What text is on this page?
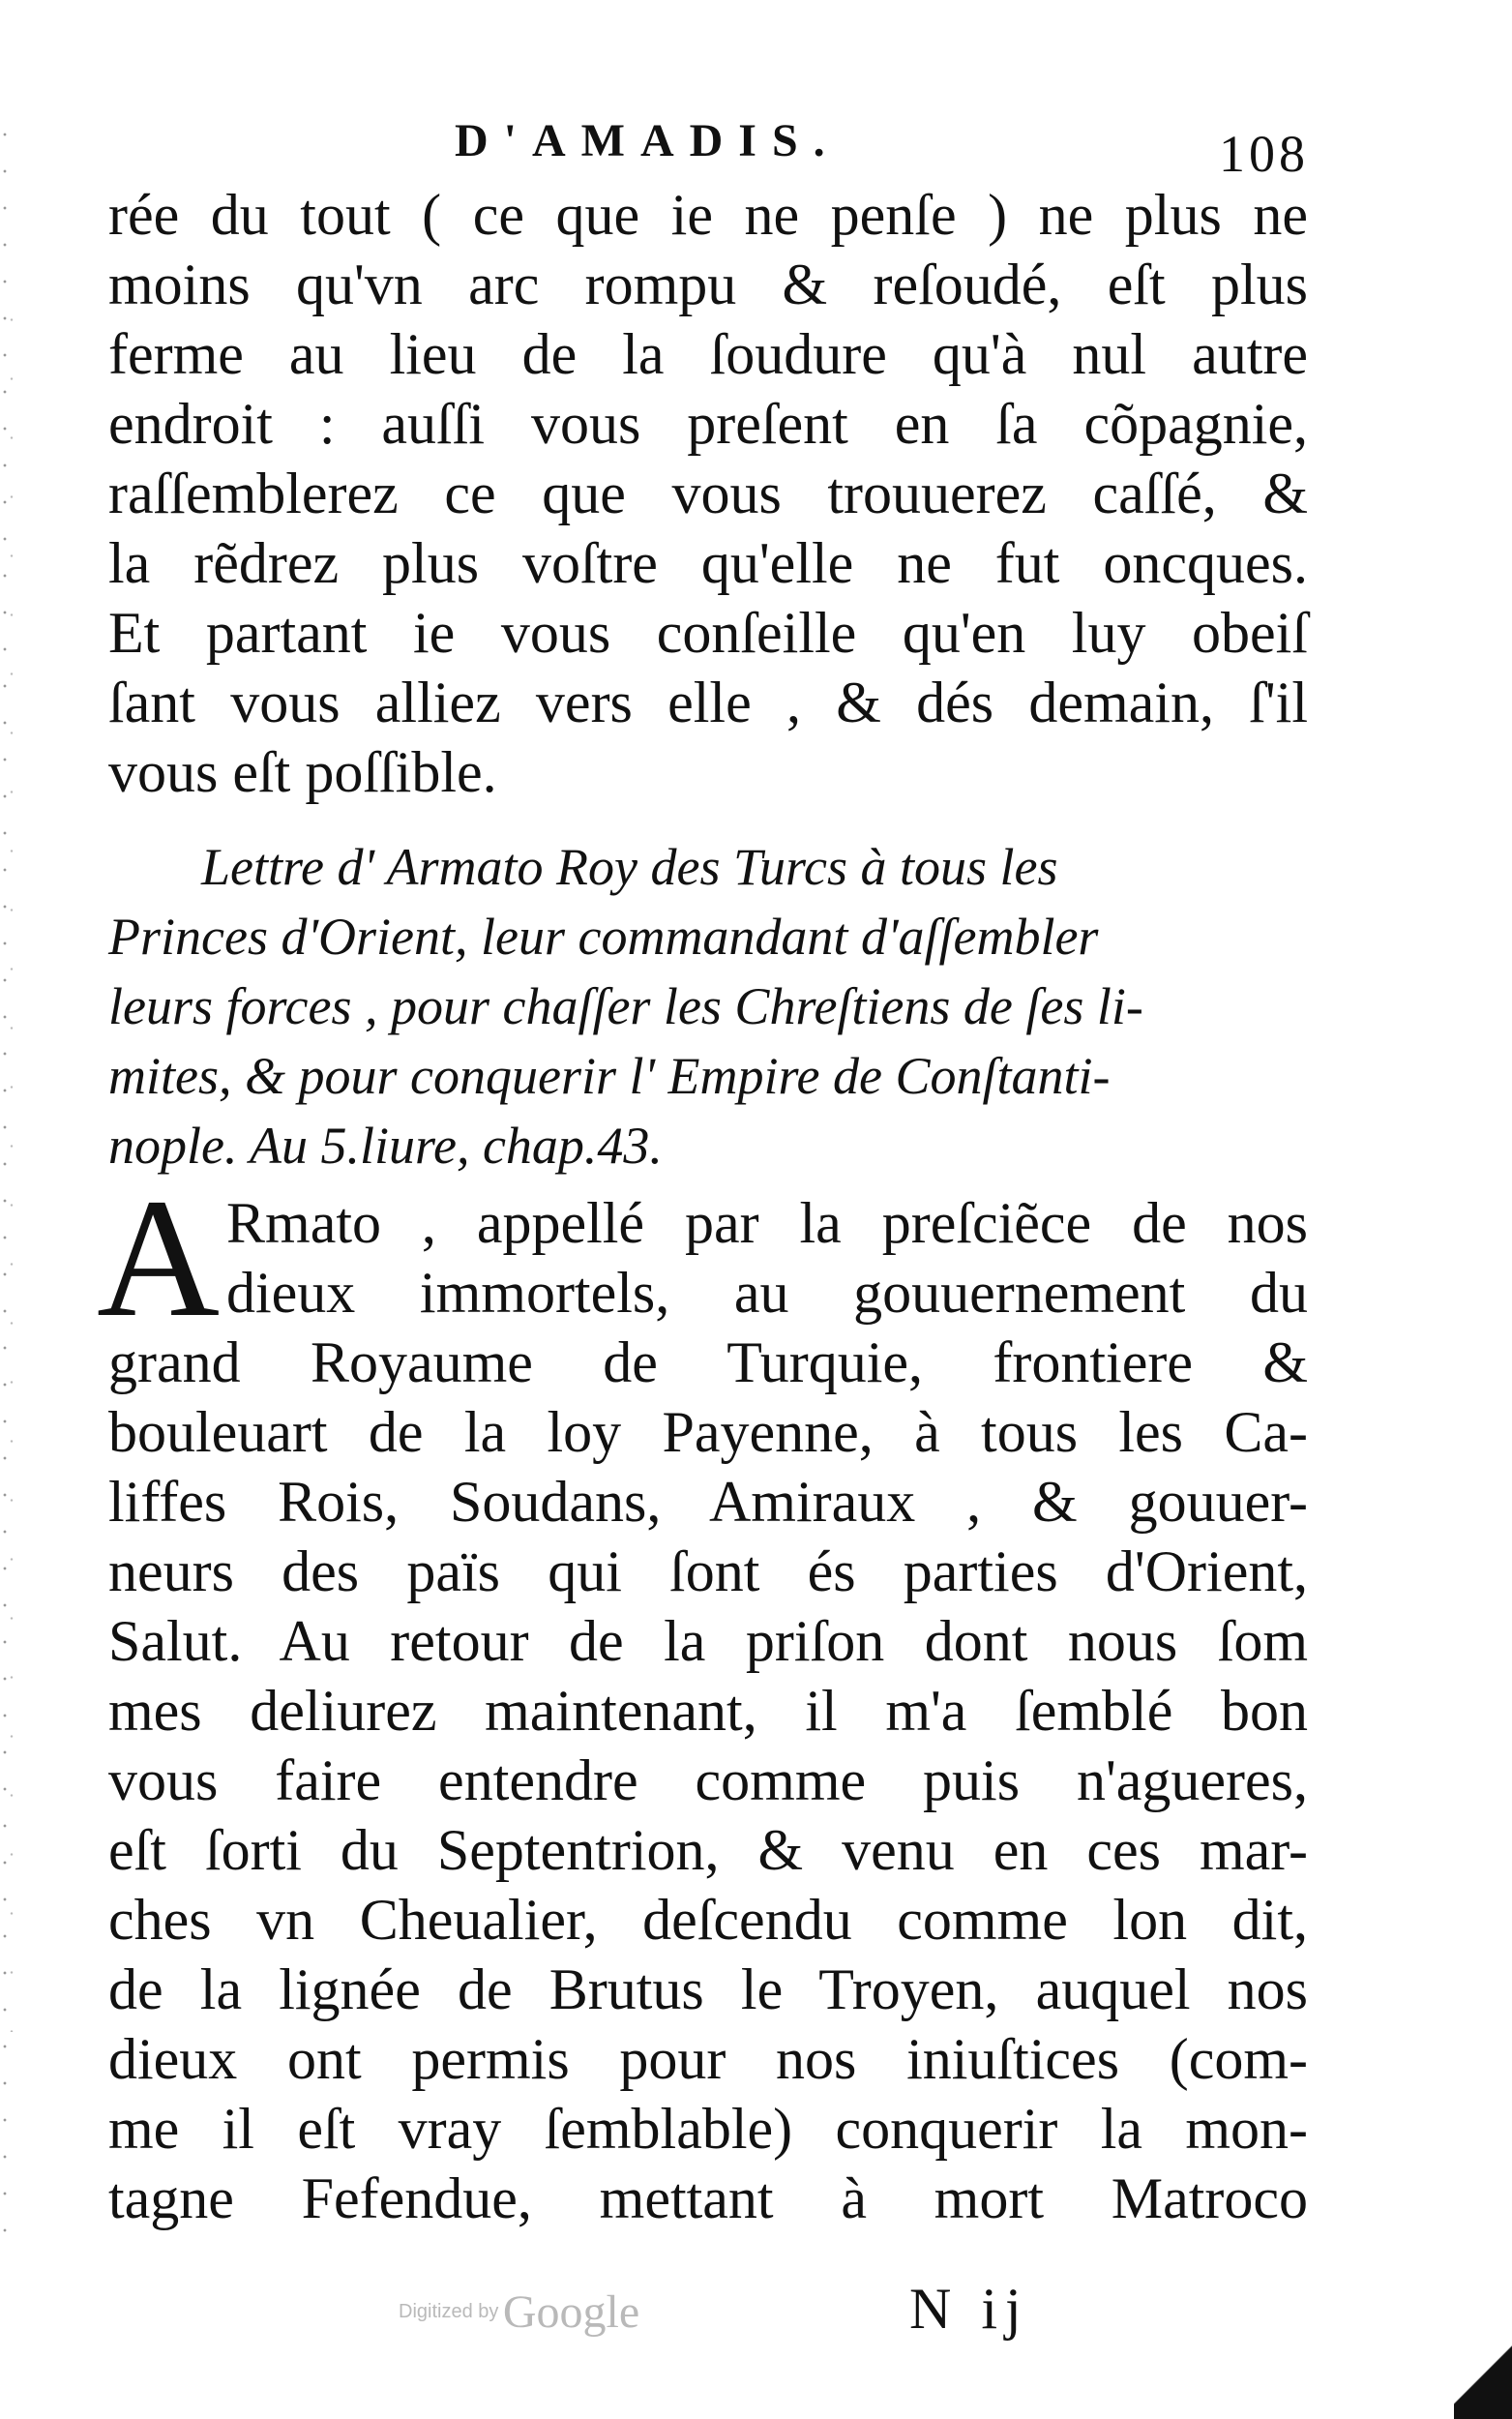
D'AMADIS.	108
rée du tout ( ce que ie ne penſe ) ne plus ne
moins qu'vn arc rompu & reſoudé, eſt plus
ferme au lieu de la ſoudure qu'à nul autre
endroit : auſſi vous preſent en ſa cõpagnie,
raſſemblerez ce que vous trouuerez caſſé, &
la rẽdrez plus voſtre qu'elle ne fut oncques.
Et partant ie vous conſeille qu'en luy obeiſ
ſant vous alliez vers elle , & dés demain, ſ'il
vous eſt poſſible.
Lettre d' Armato Roy des Turcs à tous les
Princes d'Orient, leur commandant d'aſſembler
leurs forces , pour chaſſer les Chreſtiens de ſes li-
mites, & pour conquerir l' Empire de Conſtanti-
nople. Au 5.liure, chap.43.
A Rmato , appellé par la preſciẽce de nos
dieux immortels, au gouuernement du
grand Royaume de Turquie, frontiere &
bouleuart de la loy Payenne, à tous les Ca-
liffes Rois, Soudans, Amiraux , & gouuer-
neurs des païs qui ſont és parties d'Orient,
Salut. Au retour de la priſon dont nous ſom
mes deliurez maintenant, il m'a ſemblé bon
vous faire entendre comme puis n'agueres,
eſt ſorti du Septentrion, & venu en ces mar-
ches vn Cheualier, deſcendu comme lon dit,
de la lignée de Brutus le Troyen, auquel nos
dieux ont permis pour nos iniuſtices (com-
me il eſt vray ſemblable) conquerir la mon-
tagne Fefendue, mettant à mort Matroco
Digitized by Google	N ij
